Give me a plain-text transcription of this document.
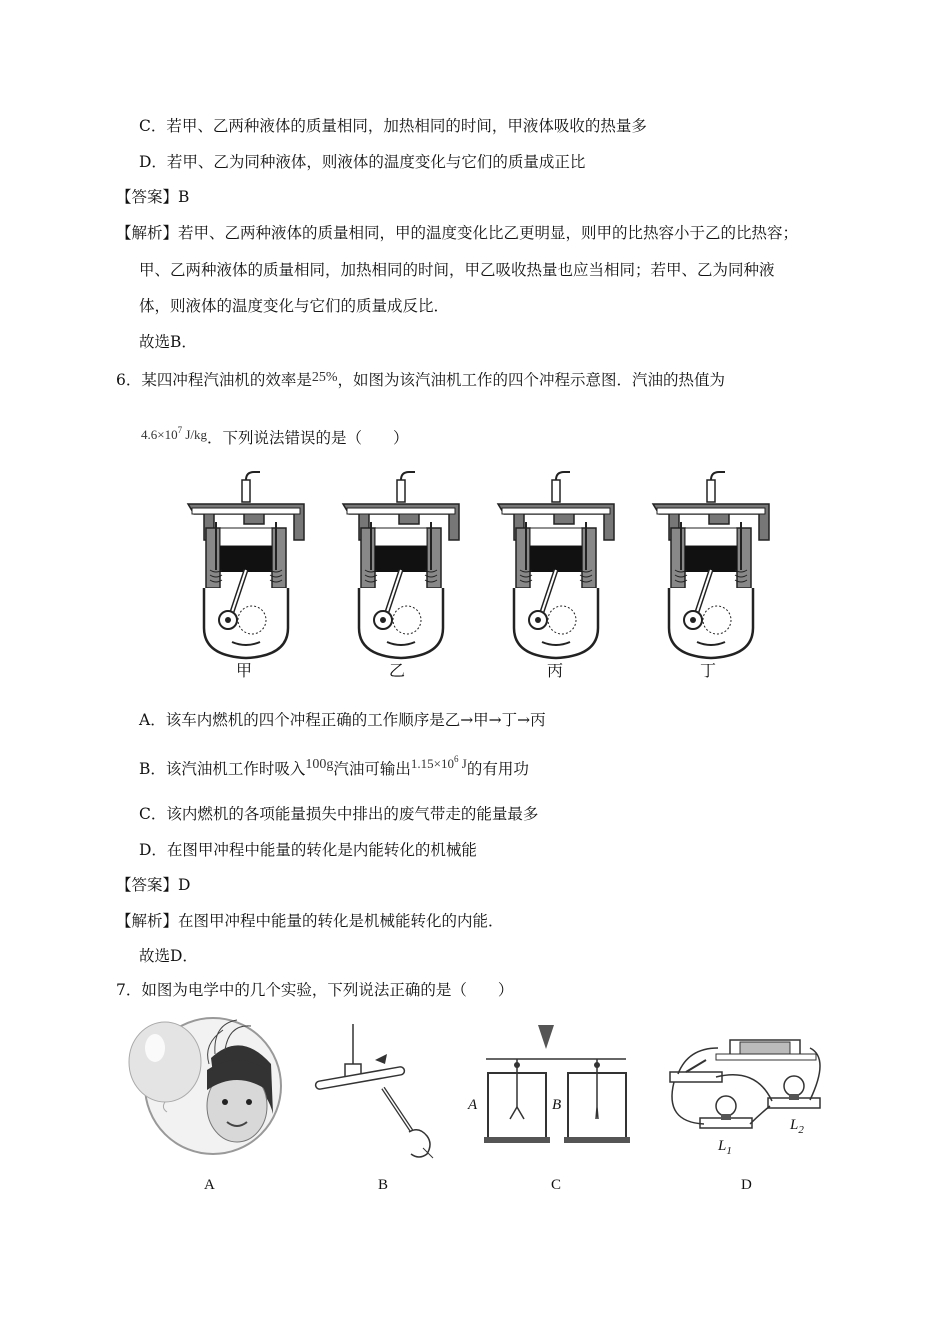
C．若甲、乙两种液体的质量相同，加热相同的时间，甲液体吸收的热量多
D．若甲、乙为同种液体，则液体的温度变化与它们的质量成正比
【答案】B
【解析】若甲、乙两种液体的质量相同，甲的温度变化比乙更明显，则甲的比热容小于乙的比热容；
甲、乙两种液体的质量相同，加热相同的时间，甲乙吸收热量也应当相同；若甲、乙为同种液
体，则液体的温度变化与它们的质量成反比．
故选B．
6．某四冲程汽油机的效率是25%，如图为该汽油机工作的四个冲程示意图．汽油的热值为
$^{4.6\times 10^7 J/kg}$．下列说法错误的是（　　）
甲	乙	丙	丁
A．该车内燃机的四个冲程正确的工作顺序是乙→甲→丁→丙
B．该汽油机工作时吸入100g汽油可输出$^{1.15\times 10^6 J}$的有用功
C．该内燃机的各项能量损失中排出的废气带走的能量最多
D．在图甲冲程中能量的转化是内能转化的机械能
【答案】D
【解析】在图甲冲程中能量的转化是机械能转化的内能．
故选D．
7．如图为电学中的几个实验，下列说法正确的是（　　）
A	B
A	B
C
$L_1$
$L_2$
D
